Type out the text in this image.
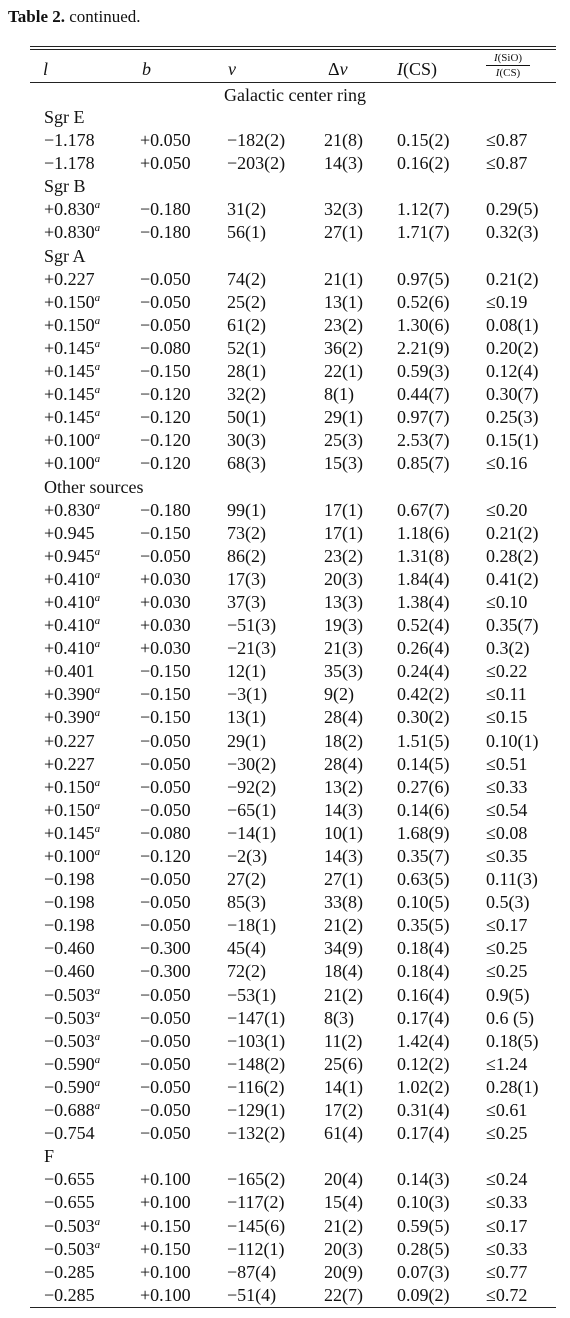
Table 2. continued.
l	b	v	Δv	I(CS)
I(SiO)
I(CS)
Galactic center ring
Sgr E
−1.178	+0.050 −182(2) 21(8) 0.15(2) ≤0.87
−1.178	+0.050 −203(2) 14(3) 0.16(2) ≤0.87
Sgr B
+0.830$^a$ −0.180 31(2)	32(3) 1.12(7) 0.29(5)
+0.830$^a$ −0.180 56(1)	27(1) 1.71(7) 0.32(3)
Sgr A
+0.227	−0.050 74(2)	21(1) 0.97(5) 0.21(2)
+0.150$^a$ −0.050 25(2)	13(1) 0.52(6) ≤0.19
+0.150$^a$ −0.050 61(2)	23(2) 1.30(6) 0.08(1)
+0.145$^a$ −0.080 52(1)	36(2) 2.21(9) 0.20(2)
+0.145$^a$ −0.150 28(1)	22(1) 0.59(3) 0.12(4)
+0.145$^a$ −0.120 32(2)	8(1) 0.44(7) 0.30(7)
+0.145$^a$ −0.120 50(1)	29(1) 0.97(7) 0.25(3)
+0.100$^a$ −0.120 30(3)	25(3) 2.53(7) 0.15(1)
+0.100$^a$ −0.120 68(3)	15(3) 0.85(7) ≤0.16
Other sources
+0.830$^a$ −0.180 99(1)	17(1) 0.67(7) ≤0.20
+0.945	−0.150 73(2)	17(1) 1.18(6) 0.21(2)
+0.945$^a$ −0.050 86(2)	23(2) 1.31(8) 0.28(2)
+0.410$^a$ +0.030 17(3)	20(3) 1.84(4) 0.41(2)
+0.410$^a$ +0.030 37(3)	13(3) 1.38(4) ≤0.10
+0.410$^a$ +0.030 −51(3)	19(3) 0.52(4) 0.35(7)
+0.410$^a$ +0.030 −21(3)	21(3) 0.26(4) 0.3(2)
+0.401	−0.150 12(1)	35(3) 0.24(4) ≤0.22
+0.390$^a$ −0.150 −3(1)	9(2) 0.42(2) ≤0.11
+0.390$^a$ −0.150 13(1)	28(4) 0.30(2) ≤0.15
+0.227	−0.050 29(1)	18(2) 1.51(5) 0.10(1)
+0.227	−0.050 −30(2)	28(4) 0.14(5) ≤0.51
+0.150$^a$ −0.050 −92(2)	13(2) 0.27(6) ≤0.33
+0.150$^a$ −0.050 −65(1)	14(3) 0.14(6) ≤0.54
+0.145$^a$ −0.080 −14(1)	10(1) 1.68(9) ≤0.08
+0.100$^a$ −0.120 −2(3)	14(3) 0.35(7) ≤0.35
−0.198	−0.050 27(2)	27(1) 0.63(5) 0.11(3)
−0.198	−0.050 85(3)	33(8) 0.10(5) 0.5(3)
−0.198	−0.050 −18(1)	21(2) 0.35(5) ≤0.17
−0.460	−0.300 45(4)	34(9) 0.18(4) ≤0.25
−0.460	−0.300 72(2)	18(4) 0.18(4) ≤0.25
−0.503$^a$ −0.050 −53(1)	21(2) 0.16(4) 0.9(5)
−0.503$^a$ −0.050 −147(1) 8(3) 0.17(4) 0.6 (5)
−0.503$^a$ −0.050 −103(1) 11(2) 1.42(4) 0.18(5)
−0.590$^a$ −0.050 −148(2) 25(6) 0.12(2) ≤1.24
−0.590$^a$ −0.050 −116(2) 14(1) 1.02(2) 0.28(1)
−0.688$^a$ −0.050 −129(1) 17(2) 0.31(4) ≤0.61
−0.754	−0.050 −132(2) 61(4) 0.17(4) ≤0.25
F
−0.655	+0.100 −165(2) 20(4) 0.14(3) ≤0.24
−0.655	+0.100 −117(2) 15(4) 0.10(3) ≤0.33
−0.503$^a$ +0.150 −145(6) 21(2) 0.59(5) ≤0.17
−0.503$^a$ +0.150 −112(1) 20(3) 0.28(5) ≤0.33
−0.285	+0.100 −87(4)	20(9) 0.07(3) ≤0.77
−0.285	+0.100 −51(4)	22(7) 0.09(2) ≤0.72
